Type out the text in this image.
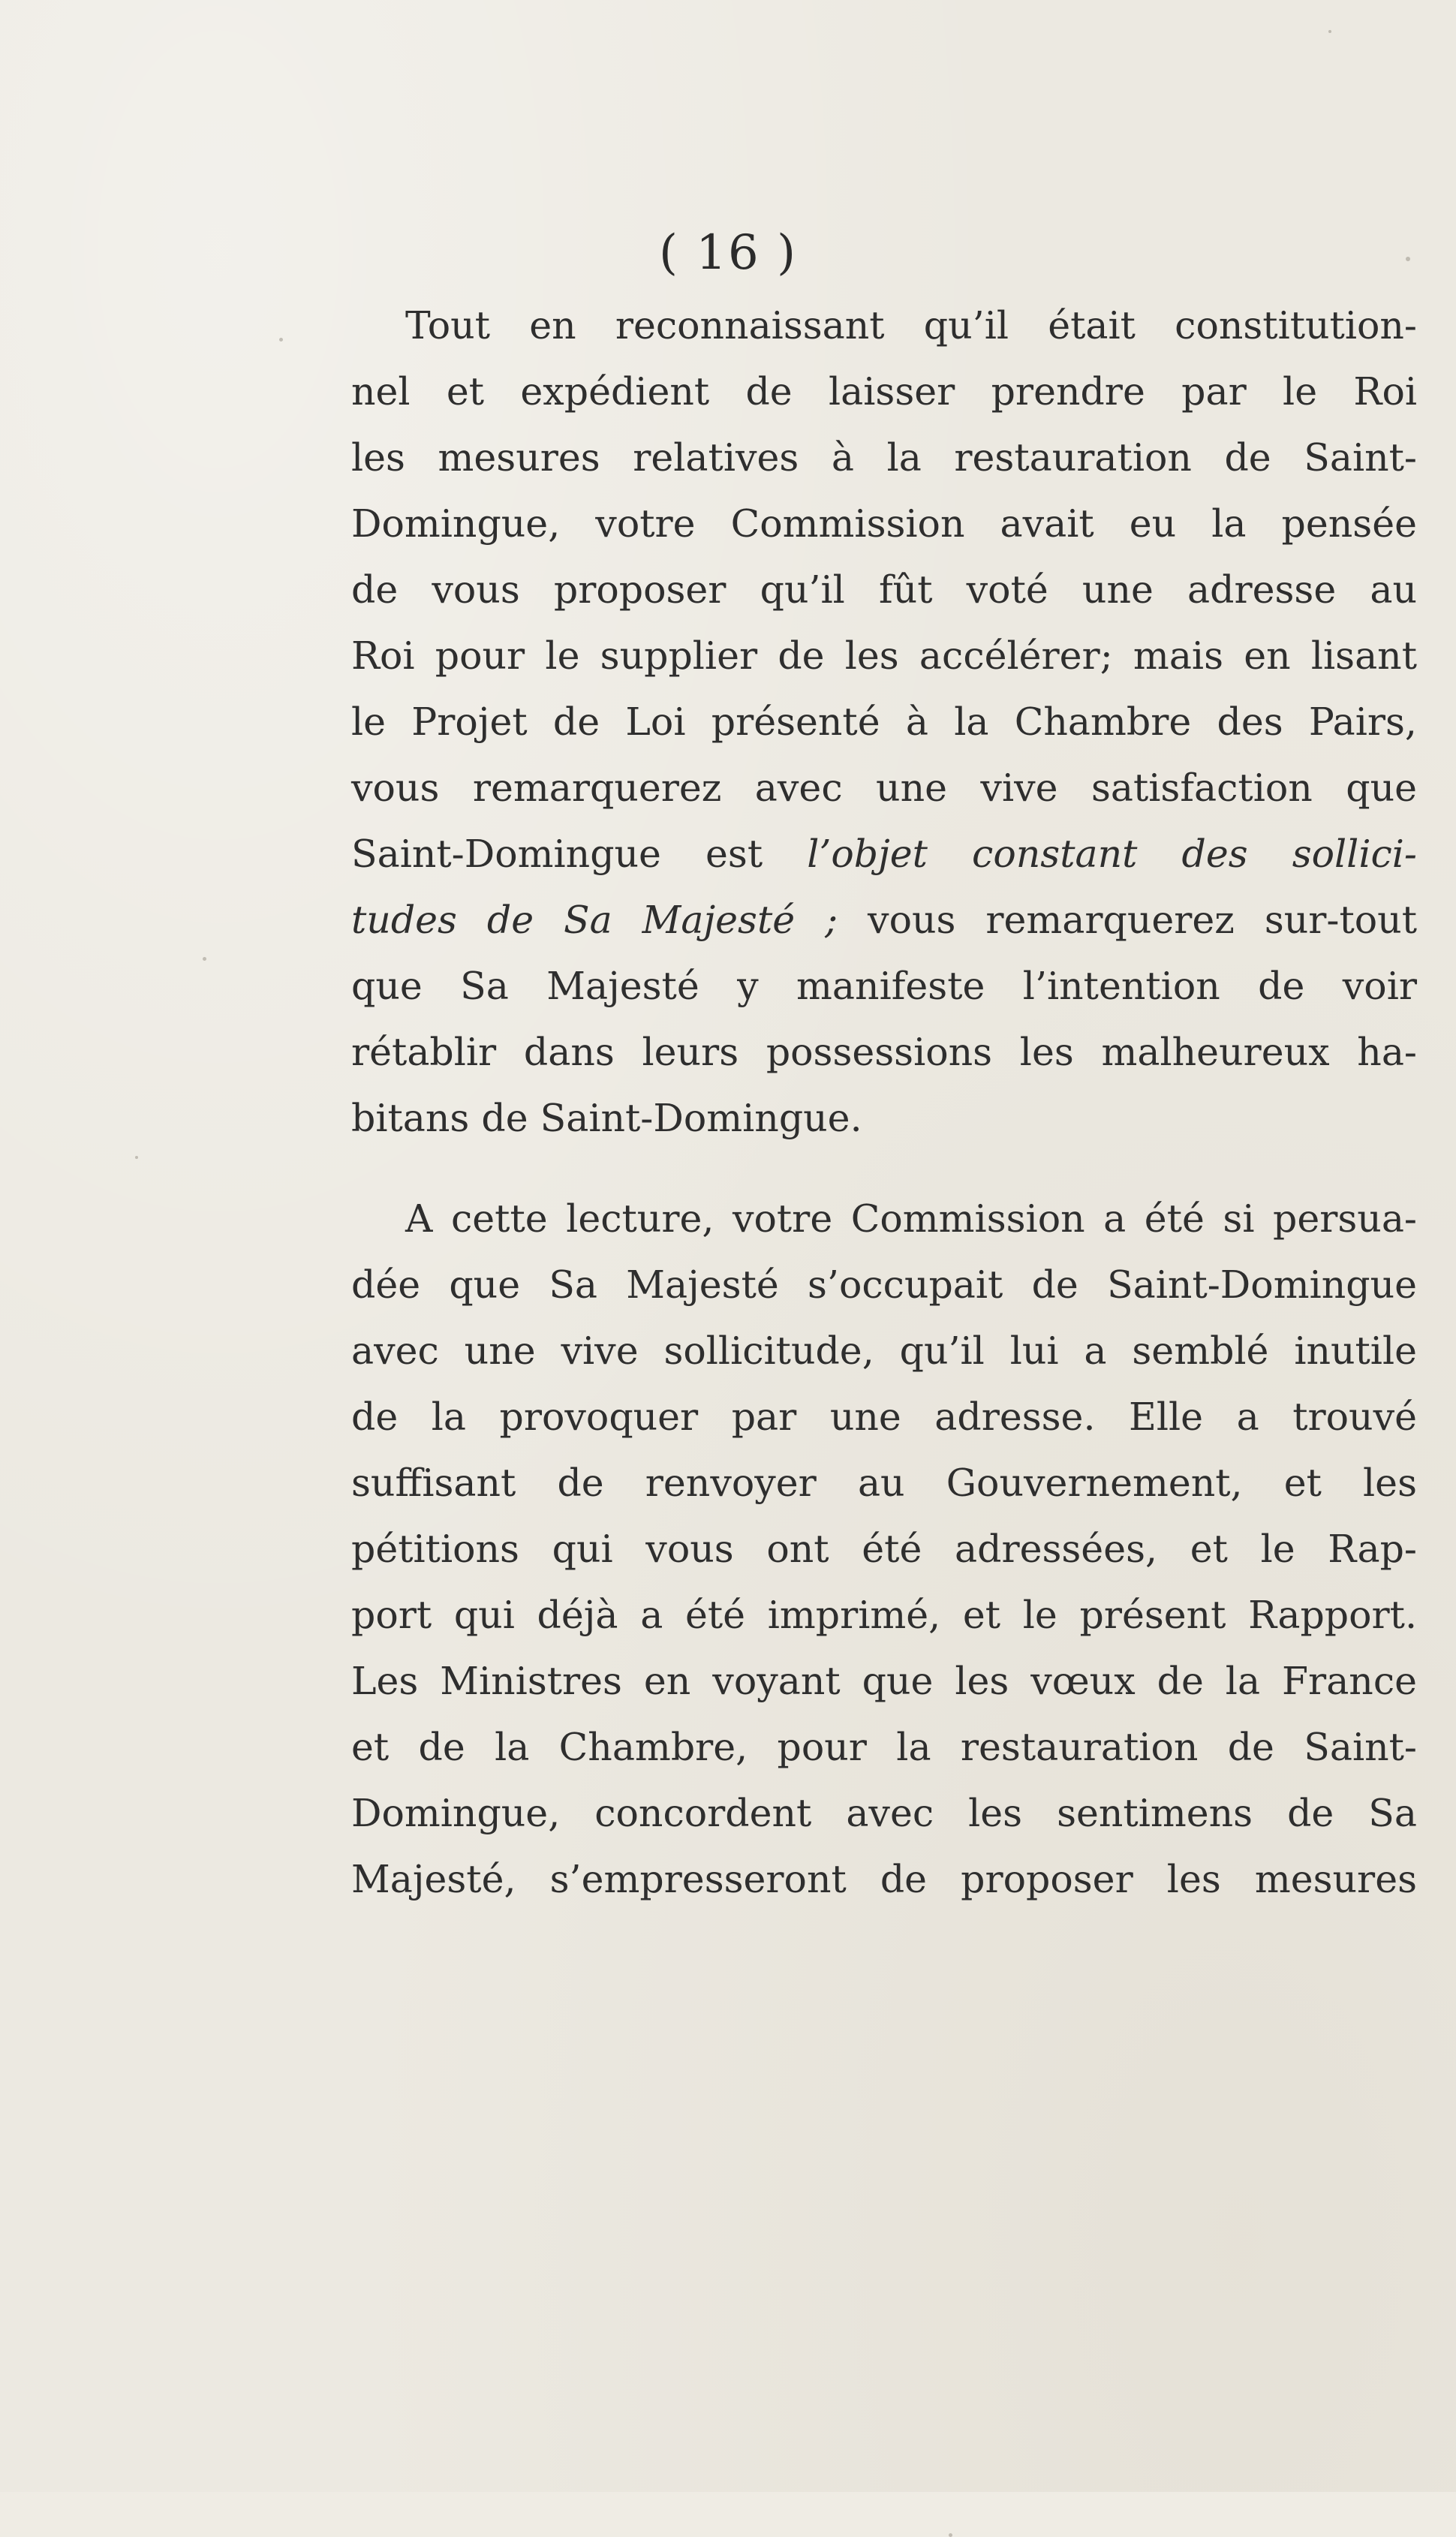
( 16 )
Tout en reconnaissant qu’il était constitution-
nel et expédient de laisser prendre par le Roi
les mesures relatives à la restauration de Saint-
Domingue, votre Commission avait eu la pensée
de vous proposer qu’il fût voté une adresse au
Roi pour le supplier de les accélérer; mais en lisant
le Projet de Loi présenté à la Chambre des Pairs,
vous remarquerez avec une vive satisfaction que
Saint-Domingue est l’objet constant des sollici-
tudes de Sa Majesté ; vous remarquerez sur-tout
que Sa Majesté y manifeste l’intention de voir
rétablir dans leurs possessions les malheureux ha-
bitans de Saint-Domingue.
A cette lecture, votre Commission a été si persua-
dée que Sa Majesté s’occupait de Saint-Domingue
avec une vive sollicitude, qu’il lui a semblé inutile
de la provoquer par une adresse. Elle a trouvé
suffisant de renvoyer au Gouvernement, et les
pétitions qui vous ont été adressées, et le Rap-
port qui déjà a été imprimé, et le présent Rapport.
Les Ministres en voyant que les vœux de la France
et de la Chambre, pour la restauration de Saint-
Domingue, concordent avec les sentimens de Sa
Majesté, s’empresseront de proposer les mesures
